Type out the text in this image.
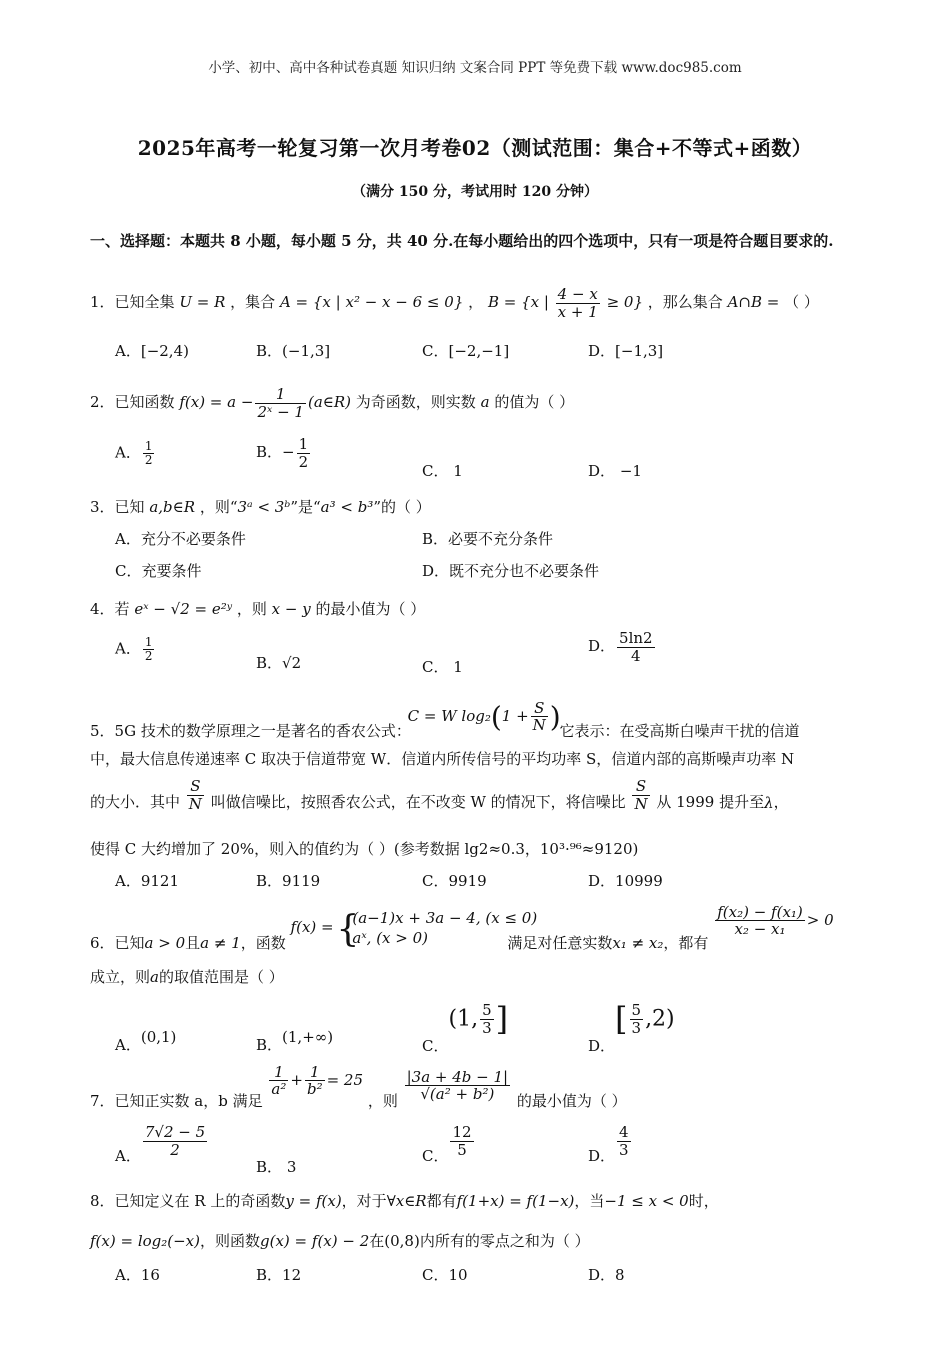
小学、初中、高中各种试卷真题 知识归纳 文案合同 PPT 等免费下载 www.doc985.com
2025年高考一轮复习第一次月考卷02（测试范围：集合+不等式+函数）
（满分 150 分，考试用时 120 分钟）
一、选择题：本题共 8 小题，每小题 5 分，共 40 分.在每小题给出的四个选项中，只有一项是符合题目要求的.
1．已知全集 U = R ，集合 A = {x | x² − x − 6 ≤ 0} ， B = {x | $\frac{4 - x}{x + 1} \ge 0$} ，那么集合 A∩B = （ ）
A．[−2,4)	B．(−1,3]	C．[−2,−1]	D．[−1,3]
2．已知函数 $f(x) = a - \frac{1}{\text{2ˣ − 1}}$ (a∈R) 为奇函数，则实数 a 的值为（ ）
A． $\frac{1}{2}$	B．− $\frac{1}{2}$
C． 1	D． −1
3．已知 a,b∈R ，则“3ᵃ < 3ᵇ”是“a³ < b³”的（ ）
A．充分不必要条件	B．必要不充分条件
C．充要条件	D．既不充分也不必要条件
4．若 eˣ − √2 = e²ʸ ，则 x − y 的最小值为（ ）
A． $\frac{1}{2}$	B．√2	C． 1
D． $\frac{5\ln 2}{4}$
5．5G 技术的数学原理之一是著名的香农公式： C = W $\log_2(1 + \frac{S}{N}$ ) 它表示：在受高斯白噪声干扰的信道
中，最大信息传递速率 C 取决于信道带宽 W．信道内所传信号的平均功率 S，信道内部的高斯噪声功率 N
的大小．其中 $\frac{S}{N}$ 叫做信噪比，按照香农公式，在不改变 W 的情况下，将信噪比 $\frac{S}{N}$ 从 1999 提升至λ，
使得 C 大约增加了 20%，则入的值约为（ ）(参考数据 lg2≈0.3，10³·⁹⁶≈9120)
A．9121	B．9119	C．9919	D．10999
6．已知a > 0且a ≠ 1，函数 f(x) =
{ (a−1)x + 3a − 4, (x ≤ 0)
aˣ, (x > 0)	满足对任意实数x₁ ≠ x₂，都有
$\frac{\text{f(x₂) − f(x₁)}}{\text{x₂ − x₁}} > 0$
成立，则a的取值范围是（ ）
A．(0,1)	B．(1,+∞)	C．(1, $\frac{5}{3}$ ]
D．[ $\frac{5}{3} ,2$)
7．已知正实数 a，b 满足
$\frac{1}{\text{a²}} + \frac{1}{\text{b²}} = 25$ ，则 $\frac{|3a + 4b - 1|}{\text{√(a² + b²)}}$ 的最小值为（ ）
A． $\frac{7√2 - 5}{2}$
B． 3
C． $\frac{12}{5}$	D． $\frac{4}{3}$
8．已知定义在 R 上的奇函数y = f(x)，对于∀x∈R都有f(1+x) = f(1−x)，当−1 ≤ x < 0时，
f(x) = log₂(−x)，则函数g(x) = f(x) − 2在(0,8)内所有的零点之和为（ ）
A．16	B．12	C．10	D．8
